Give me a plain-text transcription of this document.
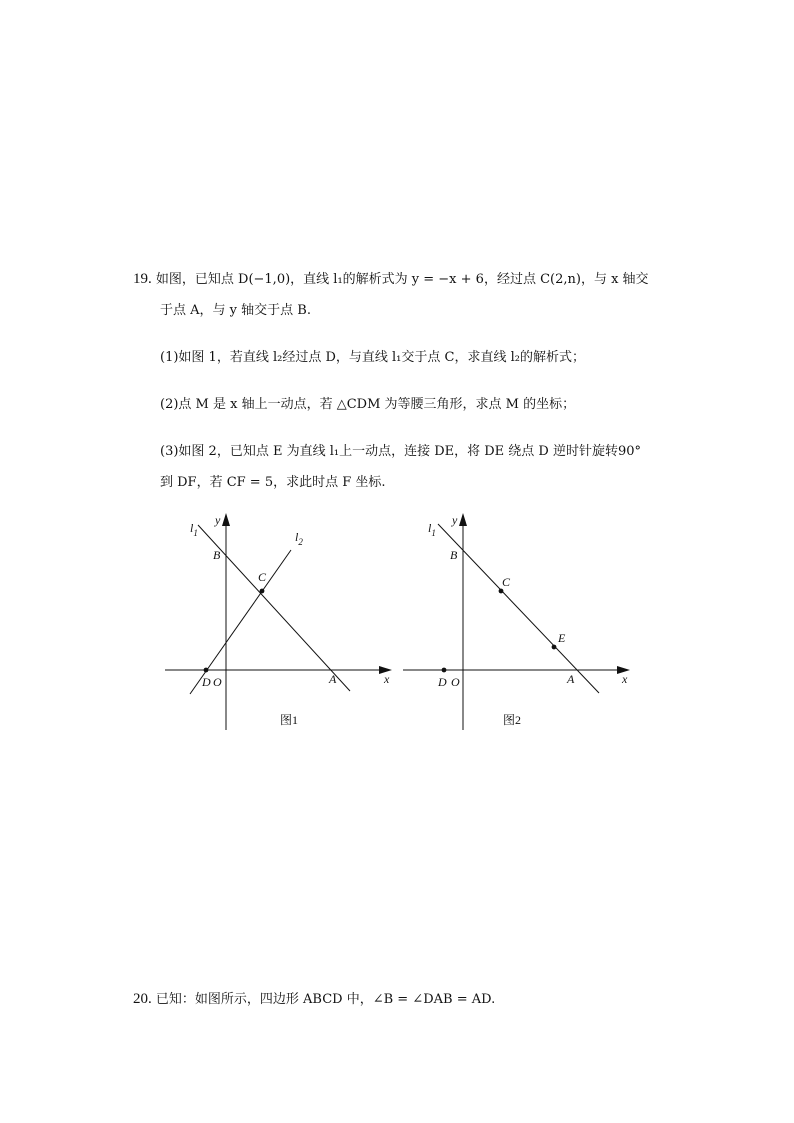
19. 如图，已知点 D(−1,0)，直线 l₁的解析式为 y = −x + 6，经过点 C(2,n)，与 x 轴交
于点 A，与 y 轴交于点 B.
(1)如图 1，若直线 l₂经过点 D，与直线 l₁交于点 C，求直线 l₂的解析式；
(2)点 M 是 x 轴上一动点，若 △CDM 为等腰三角形，求点 M 的坐标；
(3)如图 2，已知点 E 为直线 l₁上一动点，连接 DE，将 DE 绕点 D 逆时针旋转90°
到 DF，若 CF = 5，求此时点 F 坐标.
$l_1$	$l_2$
y
x
B
C
D O	A
图1
$l_1$
y
x
B
C
E
D O	A
图2
20. 已知：如图所示，四边形 ABCD 中，∠B = ∠DAB = AD.
